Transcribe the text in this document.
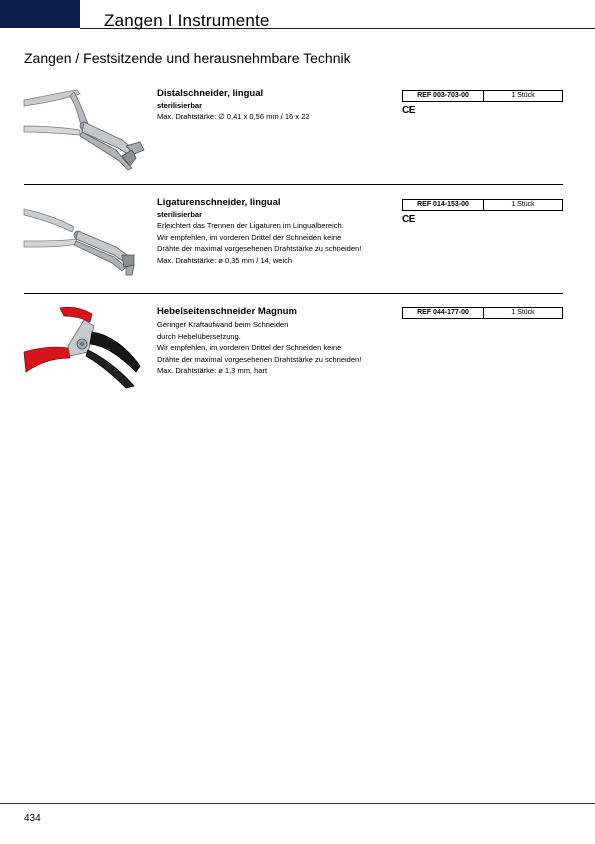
Zangen I Instrumente
Zangen / Festsitzende und herausnehmbare Technik
Distalschneider, lingual
sterilisierbar
Max. Drahtstärke: ∅ 0,41 x 0,56 mm / 16 x 22
REF 003-703-00	1 Stück
CE
Ligaturenschneider, lingual
sterilisierbar
Erleichtert das Trennen der Ligaturen im Lingualbereich.
Wir empfehlen, im vorderen Drittel der Schneiden keine
Drähte der maximal vorgesehenen Drahtstärke zu schneiden!
Max. Drahtstärke: ø 0,35 mm / 14, weich
REF 014-153-00	1 Stück
CE
Hebelseitenschneider Magnum
Geringer Kraftaufwand beim Schneiden
durch Hebelübersetzung.
Wir empfehlen, im vorderen Drittel der Schneiden keine
Drähte der maximal vorgesehenen Drahtstärke zu schneiden!
Max. Drahtstärke: ø 1,3 mm, hart
REF 044-177-00	1 Stück
434
